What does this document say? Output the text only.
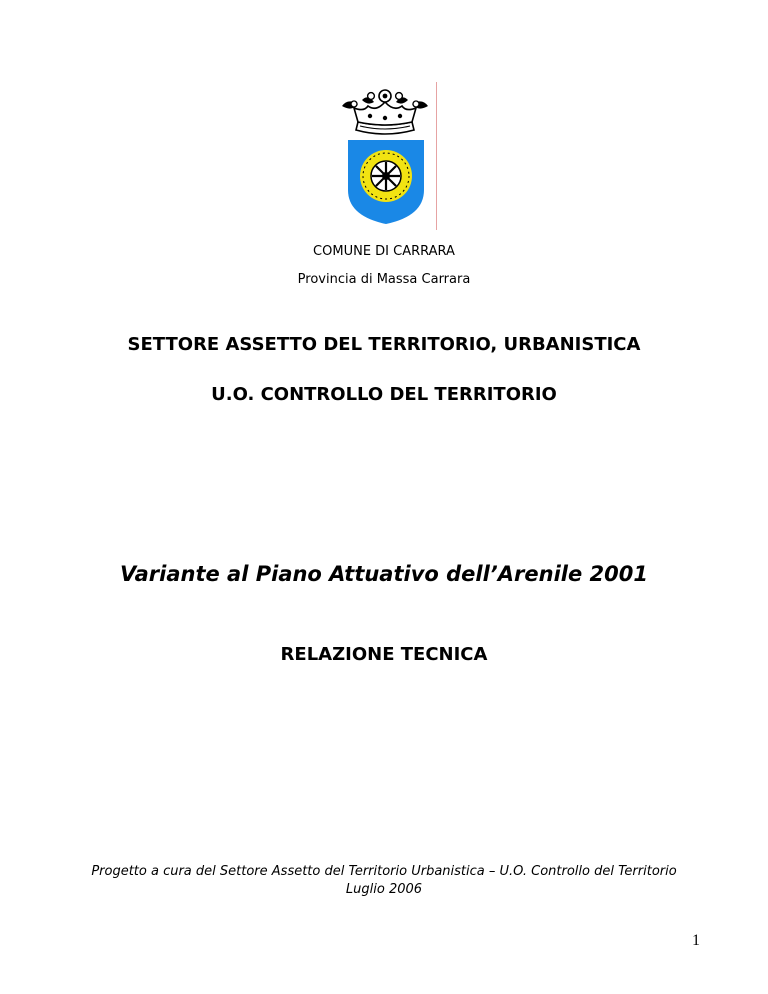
COMUNE DI CARRARA
Provincia di Massa Carrara
SETTORE ASSETTO DEL TERRITORIO, URBANISTICA
U.O. CONTROLLO DEL TERRITORIO
Variante al Piano Attuativo dell’Arenile 2001
RELAZIONE TECNICA
Progetto a cura del Settore Assetto del Territorio Urbanistica – U.O. Controllo del Territorio
Luglio 2006
1
